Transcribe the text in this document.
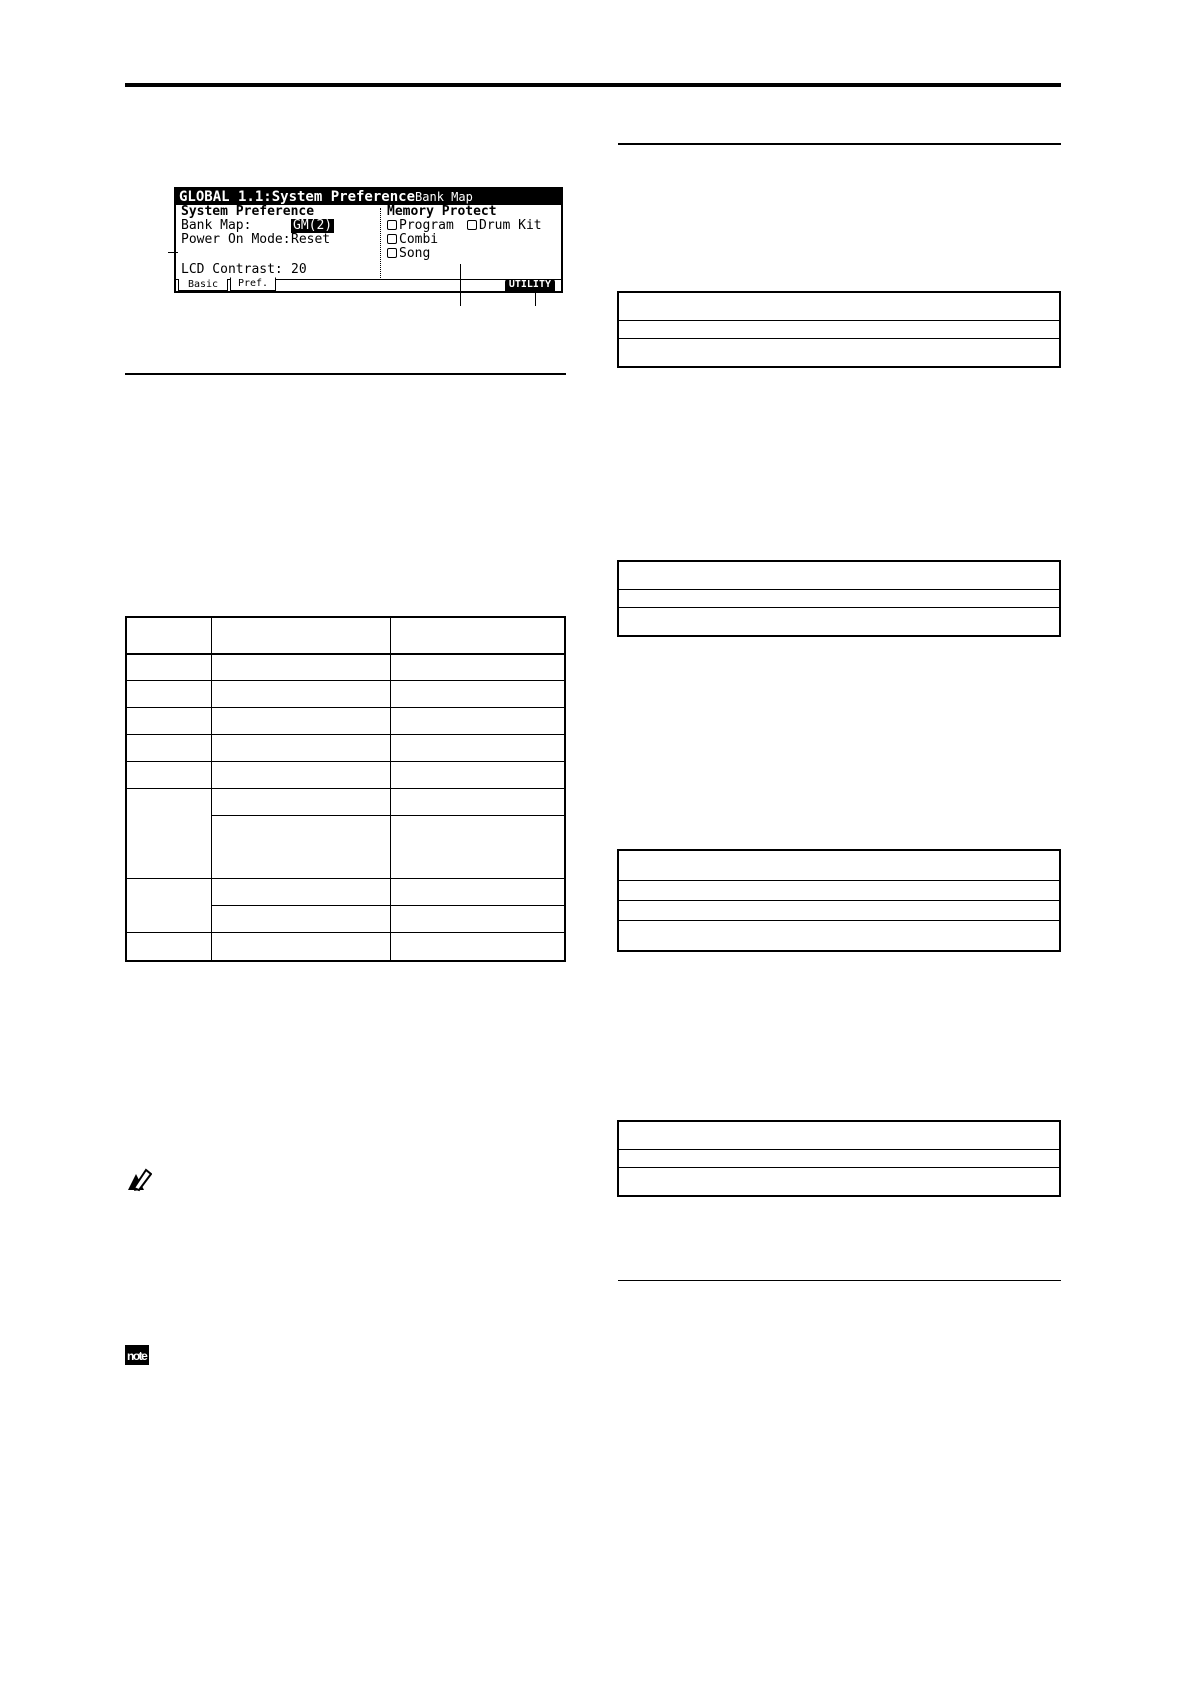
GLOBAL 1.1:System PreferenceBank Map
System Preference
Bank Map:	GM(2)
Power On Mode: Reset
LCD Contrast: 20
Memory Protect
Program	Drum Kit
Combi
Song
Basic	Pref.	UTILITY

note
